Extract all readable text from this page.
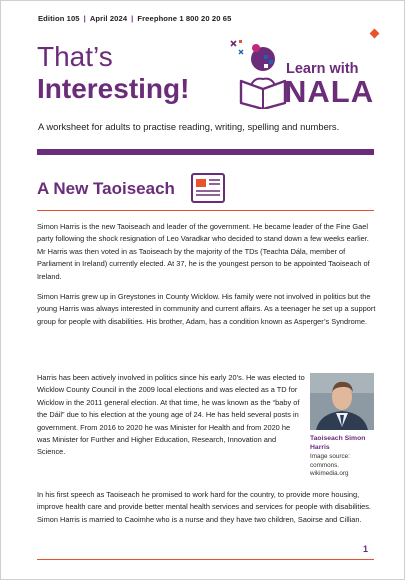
Edition 105 | April 2024 | Freephone 1 800 20 20 65
That’s
Interesting!
Learn with
NALA
A worksheet for adults to practise reading, writing, spelling and numbers.
A New Taoiseach

Simon Harris is the new Taoiseach and leader of the government. He became leader of the Fine Gael party following the shock resignation of Leo Varadkar who decided to stand down a few weeks earlier. Mr Harris was then voted in as Taoiseach by the majority of the TDs (Teachta Dála, member of Parliament in Ireland) currently elected. At 37, he is the youngest person to be appointed Taoiseach of Ireland.

Simon Harris grew up in Greystones in County Wicklow. His family were not involved in politics but the young Harris was always interested in community and current affairs. As a teenager he set up a support group for people with disabilities. His brother, Adam, has a condition known as Asperger’s Syndrome.

Harris has been actively involved in politics since his early 20’s. He was elected to Wicklow County Council in the 2009 local elections and was elected as a TD for Wicklow in the 2011 general election. At that time, he was known as the “baby of the Dáil” due to his election at the young age of 24. He has held several posts in government. From 2016 to 2020 he was Minister for Health and from 2020 he was Minister for Further and Higher Education, Research, Innovation and Science.

Taoiseach Simon Harris
Image source: commons. wikimedia.org

In his first speech as Taoiseach he promised to work hard for the country, to provide more housing, improve health care and provide better mental health services and services for people with disabilities. Simon Harris is married to Caoimhe who is a nurse and they have two children, Saoirse and Cillian.

1
